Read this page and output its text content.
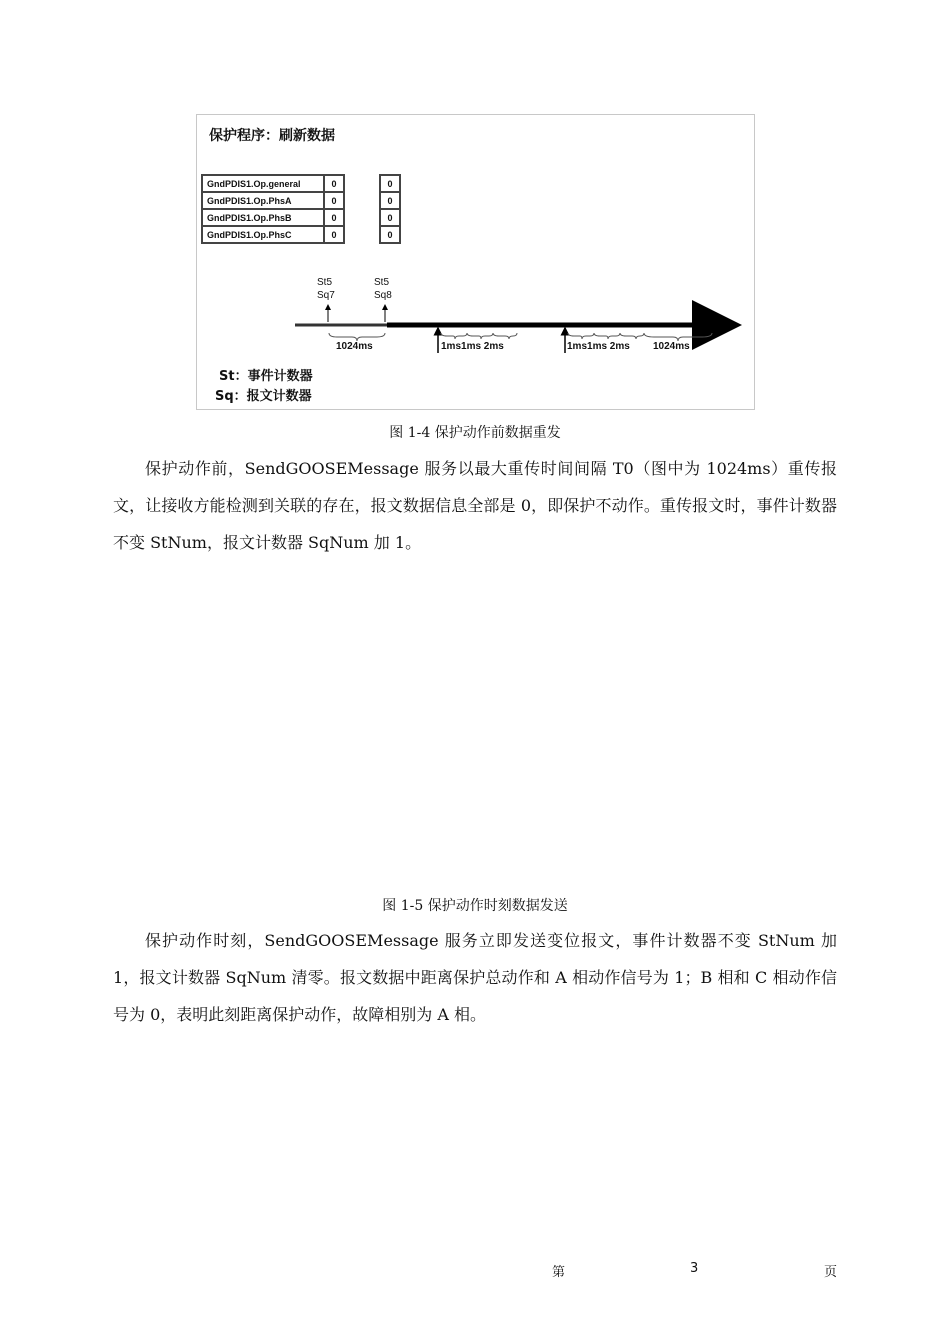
保护程序：刷新数据
GndPDIS1.Op.general	0		0
GndPDIS1.Op.PhsA	0		0
GndPDIS1.Op.PhsB	0		0
GndPDIS1.Op.PhsC	0		0
St5
Sq7
St5
Sq8
1024ms	1ms1ms 2ms	1ms1ms 2ms 1024ms
St：事件计数器
Sq：报文计数器
图 1-4 保护动作前数据重发

保护动作前，SendGOOSEMessage 服务以最大重传时间间隔 T0（图中为 1024ms）重传报文，让接收方能检测到关联的存在，报文数据信息全部是 0，即保护不动作。重传报文时，事件计数器不变 StNum，报文计数器 SqNum 加 1。

图 1-5 保护动作时刻数据发送

保护动作时刻，SendGOOSEMessage 服务立即发送变位报文，事件计数器不变 StNum 加 1，报文计数器 SqNum 清零。报文数据中距离保护总动作和 A 相动作信号为 1；B 相和 C 相动作信号为 0，表明此刻距离保护动作，故障相别为 A 相。

第	3	页
